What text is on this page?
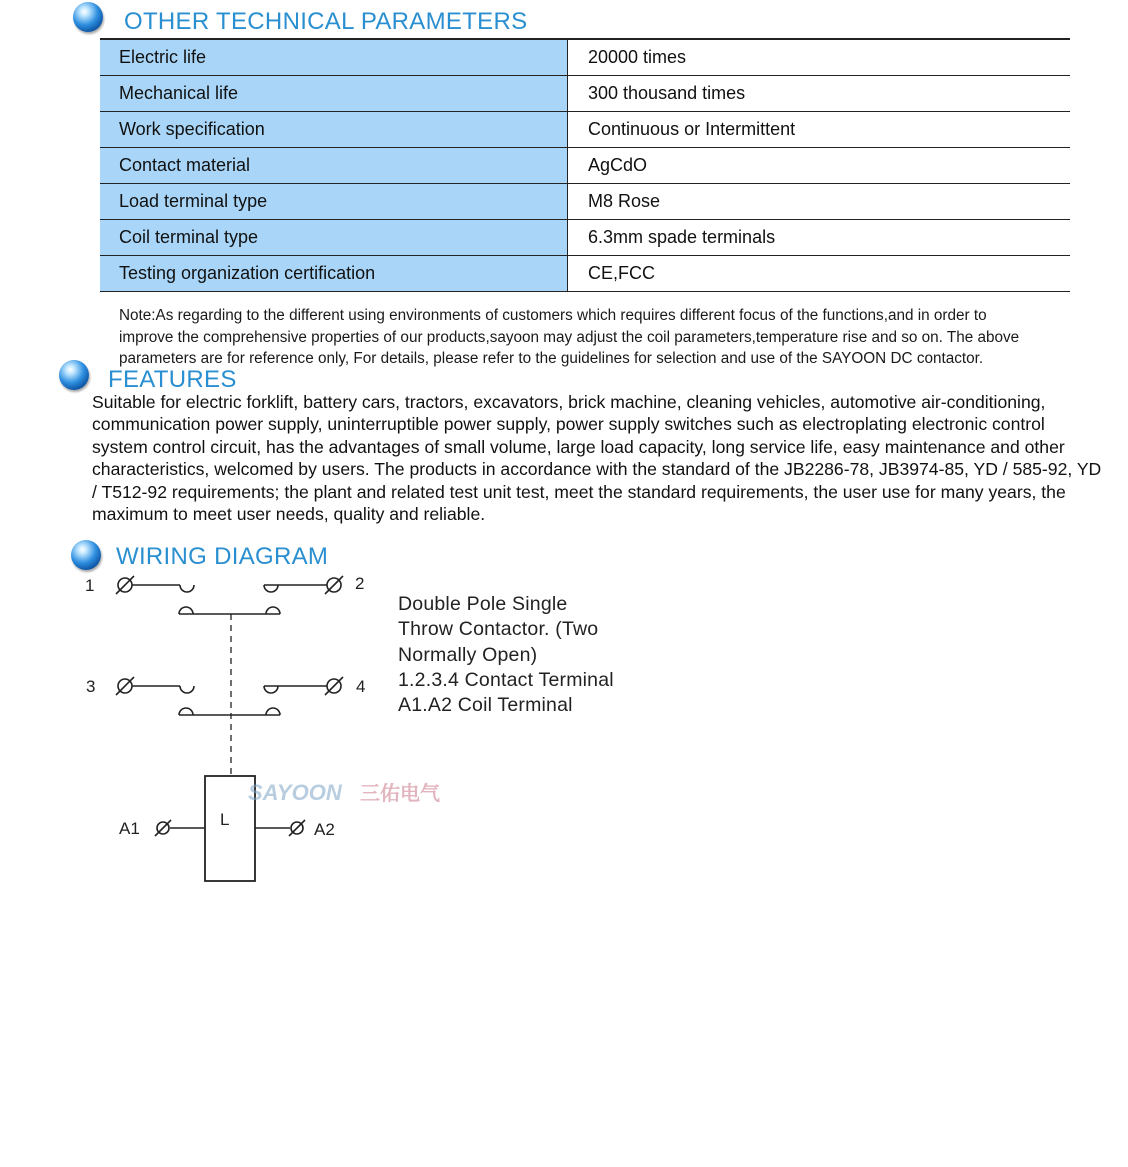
OTHER TECHNICAL PARAMETERS
Electric life	20000 times
Mechanical life	300 thousand times
Work specification	Continuous or Intermittent
Contact material	AgCdO
Load terminal type	M8 Rose
Coil terminal type	6.3mm spade terminals
Testing organization certification	CE,FCC
Note:As regarding to the different using environments of customers which requires different focus of the functions,and in order to
improve the comprehensive properties of our products,sayoon may adjust the coil parameters,temperature rise and so on. The above
parameters are for reference only, For details, please refer to the guidelines for selection and use of the SAYOON DC contactor.
FEATURES
Suitable for electric forklift, battery cars, tractors, excavators, brick machine, cleaning vehicles, automotive air-conditioning, communication power supply, uninterruptible power supply, power supply switches such as electroplating electronic control system control circuit, has the advantages of small volume, large load capacity, long service life, easy maintenance and other characteristics, welcomed by users. The products in accordance with the standard of the JB2286-78, JB3974-85, YD / 585-92, YD / T512-92 requirements; the plant and related test unit test, meet the standard requirements, the user use for many years, the maximum to meet user needs, quality and reliable.
WIRING DIAGRAM
1	2
3	4
A1	A2
L
SAYOON 三佑电气
Double Pole Single
Throw Contactor. (Two
Normally Open)
1.2.3.4 Contact Terminal
A1.A2 Coil Terminal
